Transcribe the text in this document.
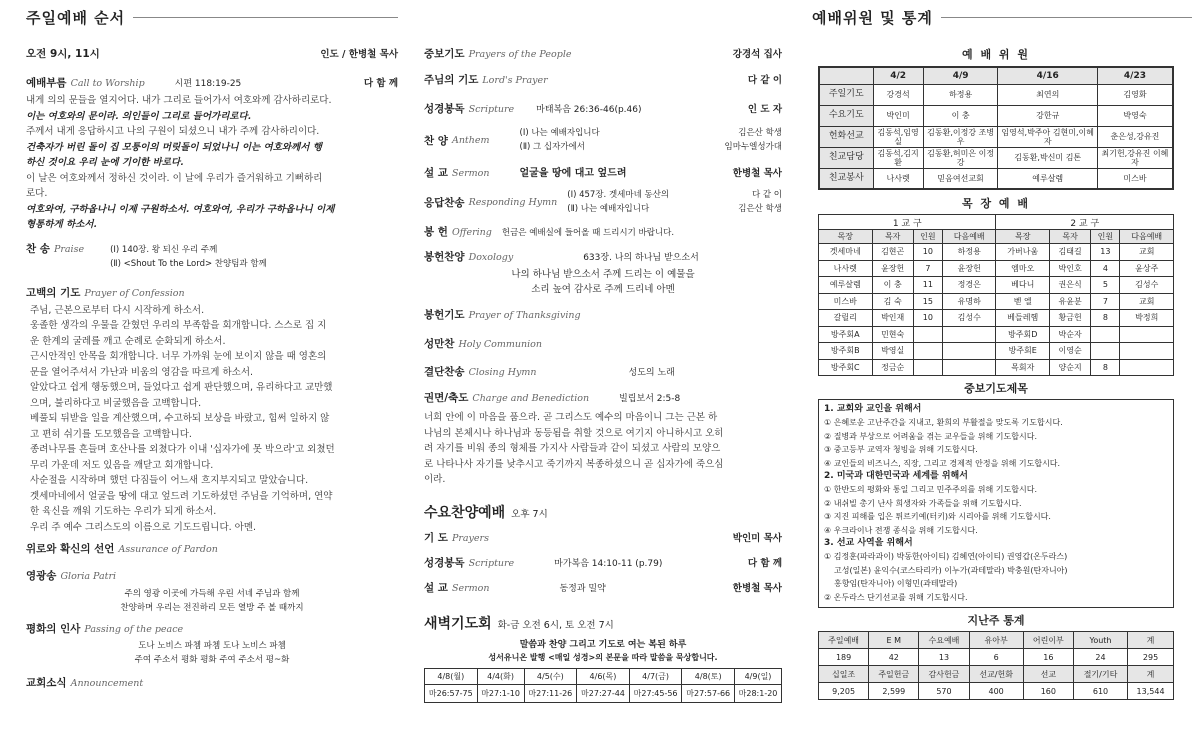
주일예배 순서
오전 9시, 11시	인도 / 한병철 목사
예배부름 Call to Worship	시편 118:19-25	다 함 께
내게 의의 문들을 열지어다. 내가 그리로 들어가서 여호와께 감사하리로다.
이는 여호와의 문이라. 의인들이 그리로 들어가리로다.
주께서 내게 응답하시고 나의 구원이 되셨으니 내가 주께 감사하리이다.
건축자가 버린 돌이 집 모퉁이의 머릿돌이 되었나니 이는 여호와께서 행
하신 것이요 우리 눈에 기이한 바로다.
이 날은 여호와께서 정하신 것이라. 이 날에 우리가 즐거워하고 기뻐하리
로다.
여호와여, 구하옵나니 이제 구원하소서. 여호와여, 우리가 구하옵나니 이제
형통하게 하소서.
찬 송 Praise	(Ⅰ) 140장. 왕 되신 우리 주께
(Ⅱ) <Shout To the Lord> 찬양팀과 함께
고백의 기도 Prayer of Confession
주님, 근본으로부터 다시 시작하게 하소서.
웅졸한 생각의 우물을 갇혔던 우리의 부족함을 회개합니다. 스스로 집 지
운 한계의 굴레를 깨고 순례로 순화되게 하소서.
근시안적인 안목을 회개합니다. 너무 가까워 눈에 보이지 않을 때 영혼의
문을 열어주셔서 가난과 비움의 영감을 따르게 하소서.
알았다고 쉽게 행동했으며, 들었다고 쉽게 판단했으며, 유리하다고 교만했
으며, 불리하다고 비굴했음을 고백합니다.
베풀되 뒤받을 일을 계산했으며, 수고하되 보상을 바랐고, 힘써 일하지 않
고 편히 쉬기를 도모했음을 고백합니다.
종려나무를 흔들며 호산나를 외쳤다가 이내 '십자가에 못 박으라'고 외쳤던
무리 가운데 저도 있음을 깨닫고 회개합니다.
사순절을 시작하며 했던 다짐들이 어느새 흐지부지되고 말았습니다.
겟세마네에서 얼굴을 땅에 대고 엎드려 기도하셨던 주님을 기억하며, 연약
한 육신을 깨워 기도하는 우리가 되게 하소서.
우리 주 예수 그리스도의 이름으로 기도드립니다. 아멘.
위로와 확신의 선언 Assurance of Pardon
영광송 Gloria Patri
주의 영광 이곳에 가득해 우린 서네 주님과 함께
찬양하며 우리는 전진하리 모든 열방 주 볼 때까지
평화의 인사 Passing of the peace
도나 노비스 파쳄 파쳄 도나 노비스 파쳄
주여 주소서 평화 평화 주여 주소서 평~화
교회소식 Announcement
중보기도 Prayers of the People	강경석 집사
주님의 기도 Lord's Prayer	다 같 이
성경봉독 Scripture	마태복음 26:36-46(p.46)	인 도 자
찬 양 Anthem
(Ⅰ) 나는 예배자입니다
(Ⅱ) 그 십자가에서
김은산 학생
임마누엘성가대
설 교 Sermon	얼굴을 땅에 대고 엎드려	한병철 목사
응답찬송 Responding Hymn
(Ⅰ) 457장. 겟세마네 동산의
(Ⅱ) 나는 예배자입니다
다 같 이
김은산 학생
봉 헌 Offering	헌금은 예배실에 들어올 때 드리시기 바랍니다.
봉헌찬양 Doxology	633장. 나의 하나님 받으소서
나의 하나님 받으소서 주께 드리는 이 예물을
소리 높여 감사로 주께 드리네 아멘
봉헌기도 Prayer of Thanksgiving
성만찬 Holy Communion
결단찬송 Closing Hymn	성도의 노래
권면/축도 Charge and Benediction	빌립보서 2:5-8
너희 안에 이 마음을 품으라. 곧 그리스도 예수의 마음이니 그는 근본 하
나님의 본체시나 하나님과 동등됨을 취할 것으로 여기지 아니하시고 오히
려 자기를 비워 종의 형체를 가지사 사람들과 같이 되셨고 사람의 모양으
로 나타나사 자기를 낮추시고 죽기까지 복종하셨으니 곧 십자가에 죽으심
이라.
수요찬양예배 오후 7시
기 도 Prayers	박인미 목사
성경봉독 Scripture	마가복음 14:10-11 (p.79)	다 함 께
설 교 Sermon	동정과 밀약	한병철 목사
새벽기도회 화-금 오전 6시, 토 오전 7시
말씀과 찬양 그리고 기도로 여는 복된 하루
성서유니온 발행 <매일 성경>의 본문을 따라 말씀을 묵상합니다.
4/8(월)	4/4(화)	4/5(수)	4/6(목)	4/7(금)	4/8(토)	4/9(일)
마26:57-75	마27:1-10	마27:11-26	마27:27-44	마27:45-56	마27:57-66	마28:1-20
예배위원 및 통계
예 배 위 원
	4/2	4/9	4/16	4/23
주일기도	강경석	하정용	최연의	김영화
수요기도	박인미	이 충	강한규	박영숙
헌화선교	김동석,임영실	김동환,이정강 조병우	임영석,박주아 김현미,이혜자	춘은성,강유진
친교담당	김동석,김지환	김동환,허미은 이정강	김동환,박신미 김톤	최기헌,강유진 이혜자
친교봉사	나사렛	믿음여선교회	예루살렘	미스바
목 장 예 배
1 교 구				2 교 구			
목장	목자	인원	다음예배	목장	목자	인원	다음예배
겟세마네	김현곤	10	하정용	가버나움	김태길	13	교회
나사렛	윤장헌	7	윤장헌	엠마오	박인호	4	윤상주
예루살렘	이 충	11	정경은	베다니	권은식	5	김성수
미스바	김 숙	15	유명하	벧 엘	유윤분	7	교회
갈릴리	박인재	10	김성수	베들레헴	황금헌	8	박정희
방주회A	민현숙			방주회D	박순자		
방주회B	박영실			방주회E	이영순		
방주회C	정금순			목회자	양순지	8	
중보기도제목
1. 교회와 교인을 위해서
① 은혜로운 고난주간을 지내고, 환희의 부활절을 맞도록 기도합시다.
② 질병과 부상으로 어려움을 겪는 교우들을 위해 기도합시다.
③ 중고등부 교역자 청빙을 위해 기도합시다.
④ 교인들의 비즈니스, 직장, 그리고 경제적 안정을 위해 기도합시다.
2. 미국과 대한민국과 세계를 위해서
① 한반도의 평화와 통일 그리고 민주주의를 위해 기도합시다.
② 내쉬빌 총기 난사 희생자와 가족들을 위해 기도합시다.
③ 지진 피해를 입은 튀르키예(터키)와 시리아를 위해 기도합시다.
④ 우크라이나 전쟁 종식을 위해 기도합시다.
3. 선교 사역을 위해서
① 김정훈(파라과이) 박동한(아이티) 김혜연(아이티) 권영갑(온두라스)
고성(일본) 윤익수(코스타리카) 이누가(과테말라) 박충원(탄자니아)
홍향임(탄자니아) 이형민(과테말라)
② 온두라스 단기선교를 위해 기도합시다.
지난주 통계
주일예배	E M	수요예배	유아부	어린이부	Youth	계
189	42	13	6	16	24	295
십일조	주일헌금	감사헌금	선교/헌화	선교	절기/기타	계
9,205	2,599	570	400	160	610	13,544
